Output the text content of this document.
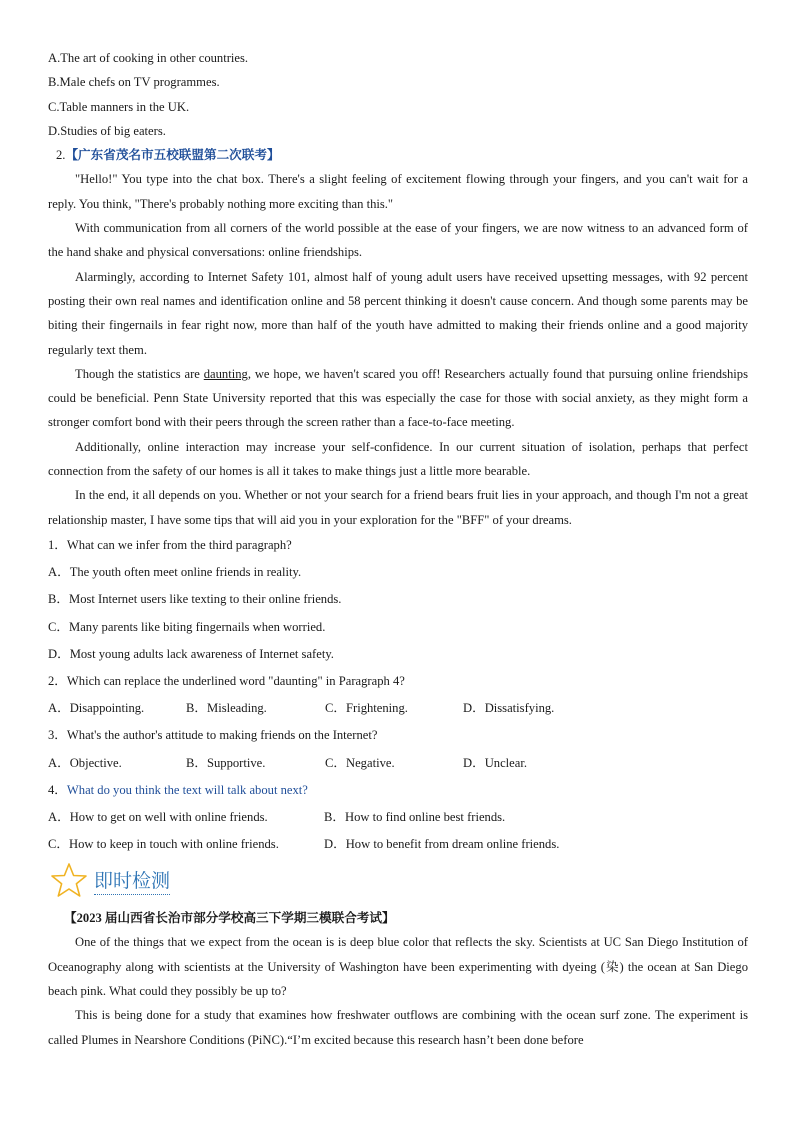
A.The art of cooking in other countries.

B.Male chefs on TV programmes.

C.Table manners in the UK.

D.Studies of big eaters.

2.【广东省茂名市五校联盟第二次联考】

"Hello!" You type into the chat box. There's a slight feeling of excitement flowing through your fingers, and you can't wait for a reply. You think, "There's probably nothing more exciting than this."

With communication from all corners of the world possible at the ease of your fingers, we are now witness to an advanced form of the hand shake and physical conversations: online friendships.

Alarmingly, according to Internet Safety 101, almost half of young adult users have received upsetting messages, with 92 percent posting their own real names and identification online and 58 percent thinking it doesn't cause concern. And though some parents may be biting their fingernails in fear right now, more than half of the youth have admitted to making their friends online and a good majority regularly text them.

Though the statistics are daunting, we hope, we haven't scared you off! Researchers actually found that pursuing online friendships could be beneficial. Penn State University reported that this was especially the case for those with social anxiety, as they might form a stronger comfort bond with their peers through the screen rather than a face-to-face meeting.

Additionally, online interaction may increase your self-confidence. In our current situation of isolation, perhaps that perfect connection from the safety of our homes is all it takes to make things just a little more bearable.

In the end, it all depends on you. Whether or not your search for a friend bears fruit lies in your approach, and though I'm not a great relationship master, I have some tips that will aid you in your exploration for the "BFF" of your dreams.

1．What can we infer from the third paragraph?

A．The youth often meet online friends in reality.

B．Most Internet users like texting to their online friends.

C．Many parents like biting fingernails when worried.

D．Most young adults lack awareness of Internet safety.

2．Which can replace the underlined word "daunting" in Paragraph 4?

A．Disappointing.	B．Misleading.	C．Frightening.	D．Dissatisfying.

3．What's the author's attitude to making friends on the Internet?

A．Objective.	B．Supportive.	C．Negative.	D．Unclear.

4．What do you think the text will talk about next?

A．How to get on well with online friends.	B．How to find online best friends.
C．How to keep in touch with online friends.	D．How to benefit from dream online friends.
即时检测

【2023 届山西省长治市部分学校高三下学期三模联合考试】

One of the things that we expect from the ocean is is deep blue color that reflects the sky. Scientists at UC San Diego Institution of Oceanography along with scientists at the University of Washington have been experimenting with dyeing (染) the ocean at San Diego beach pink. What could they possibly be up to?

This is being done for a study that examines how freshwater outflows are combining with the ocean surf zone. The experiment is called Plumes in Nearshore Conditions (PiNC).“I’m excited because this research hasn’t been done before
